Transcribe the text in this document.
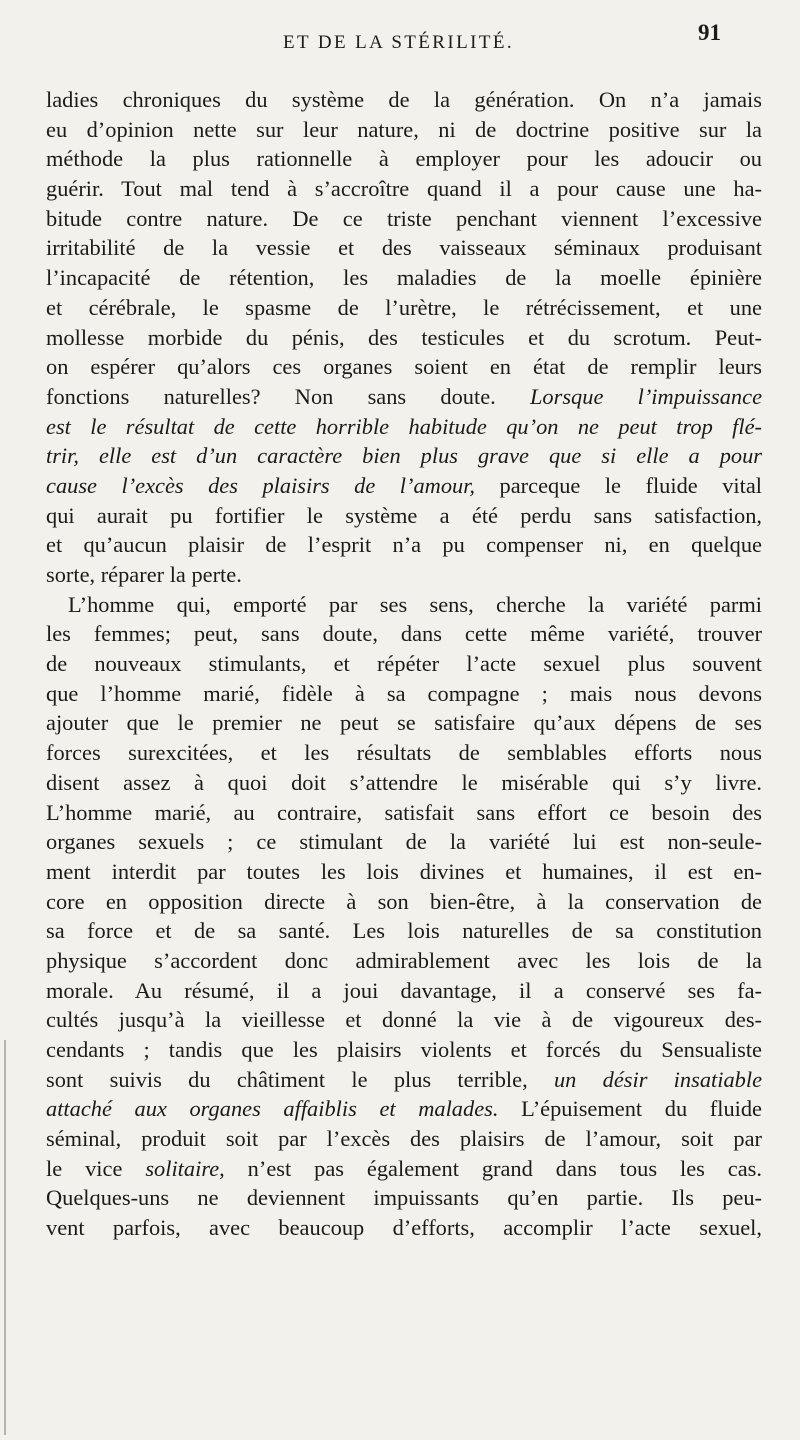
ET DE LA STÉRILITÉ.	91
ladies chroniques du système de la génération. On n’a jamais
eu d’opinion nette sur leur nature, ni de doctrine positive sur la
méthode la plus rationnelle à employer pour les adoucir ou
guérir. Tout mal tend à s’accroître quand il a pour cause une ha-
bitude contre nature. De ce triste penchant viennent l’excessive
irritabilité de la vessie et des vaisseaux séminaux produisant
l’incapacité de rétention, les maladies de la moelle épinière
et cérébrale, le spasme de l’urètre, le rétrécissement, et une
mollesse morbide du pénis, des testicules et du scrotum. Peut-
on espérer qu’alors ces organes soient en état de remplir leurs
fonctions naturelles? Non sans doute. Lorsque l’impuissance
est le résultat de cette horrible habitude qu’on ne peut trop flé-
trir, elle est d’un caractère bien plus grave que si elle a pour
cause l’excès des plaisirs de l’amour, parceque le fluide vital
qui aurait pu fortifier le système a été perdu sans satisfaction,
et qu’aucun plaisir de l’esprit n’a pu compenser ni, en quelque
sorte, réparer la perte.
L’homme qui, emporté par ses sens, cherche la variété parmi
les femmes; peut, sans doute, dans cette même variété, trouver
de nouveaux stimulants, et répéter l’acte sexuel plus souvent
que l’homme marié, fidèle à sa compagne ; mais nous devons
ajouter que le premier ne peut se satisfaire qu’aux dépens de ses
forces surexcitées, et les résultats de semblables efforts nous
disent assez à quoi doit s’attendre le misérable qui s’y livre.
L’homme marié, au contraire, satisfait sans effort ce besoin des
organes sexuels ; ce stimulant de la variété lui est non-seule-
ment interdit par toutes les lois divines et humaines, il est en-
core en opposition directe à son bien-être, à la conservation de
sa force et de sa santé. Les lois naturelles de sa constitution
physique s’accordent donc admirablement avec les lois de la
morale. Au résumé, il a joui davantage, il a conservé ses fa-
cultés jusqu’à la vieillesse et donné la vie à de vigoureux des-
cendants ; tandis que les plaisirs violents et forcés du Sensualiste
sont suivis du châtiment le plus terrible, un désir insatiable
attaché aux organes affaiblis et malades. L’épuisement du fluide
séminal, produit soit par l’excès des plaisirs de l’amour, soit par
le vice solitaire, n’est pas également grand dans tous les cas.
Quelques-uns ne deviennent impuissants qu’en partie. Ils peu-
vent parfois, avec beaucoup d’efforts, accomplir l’acte sexuel,
